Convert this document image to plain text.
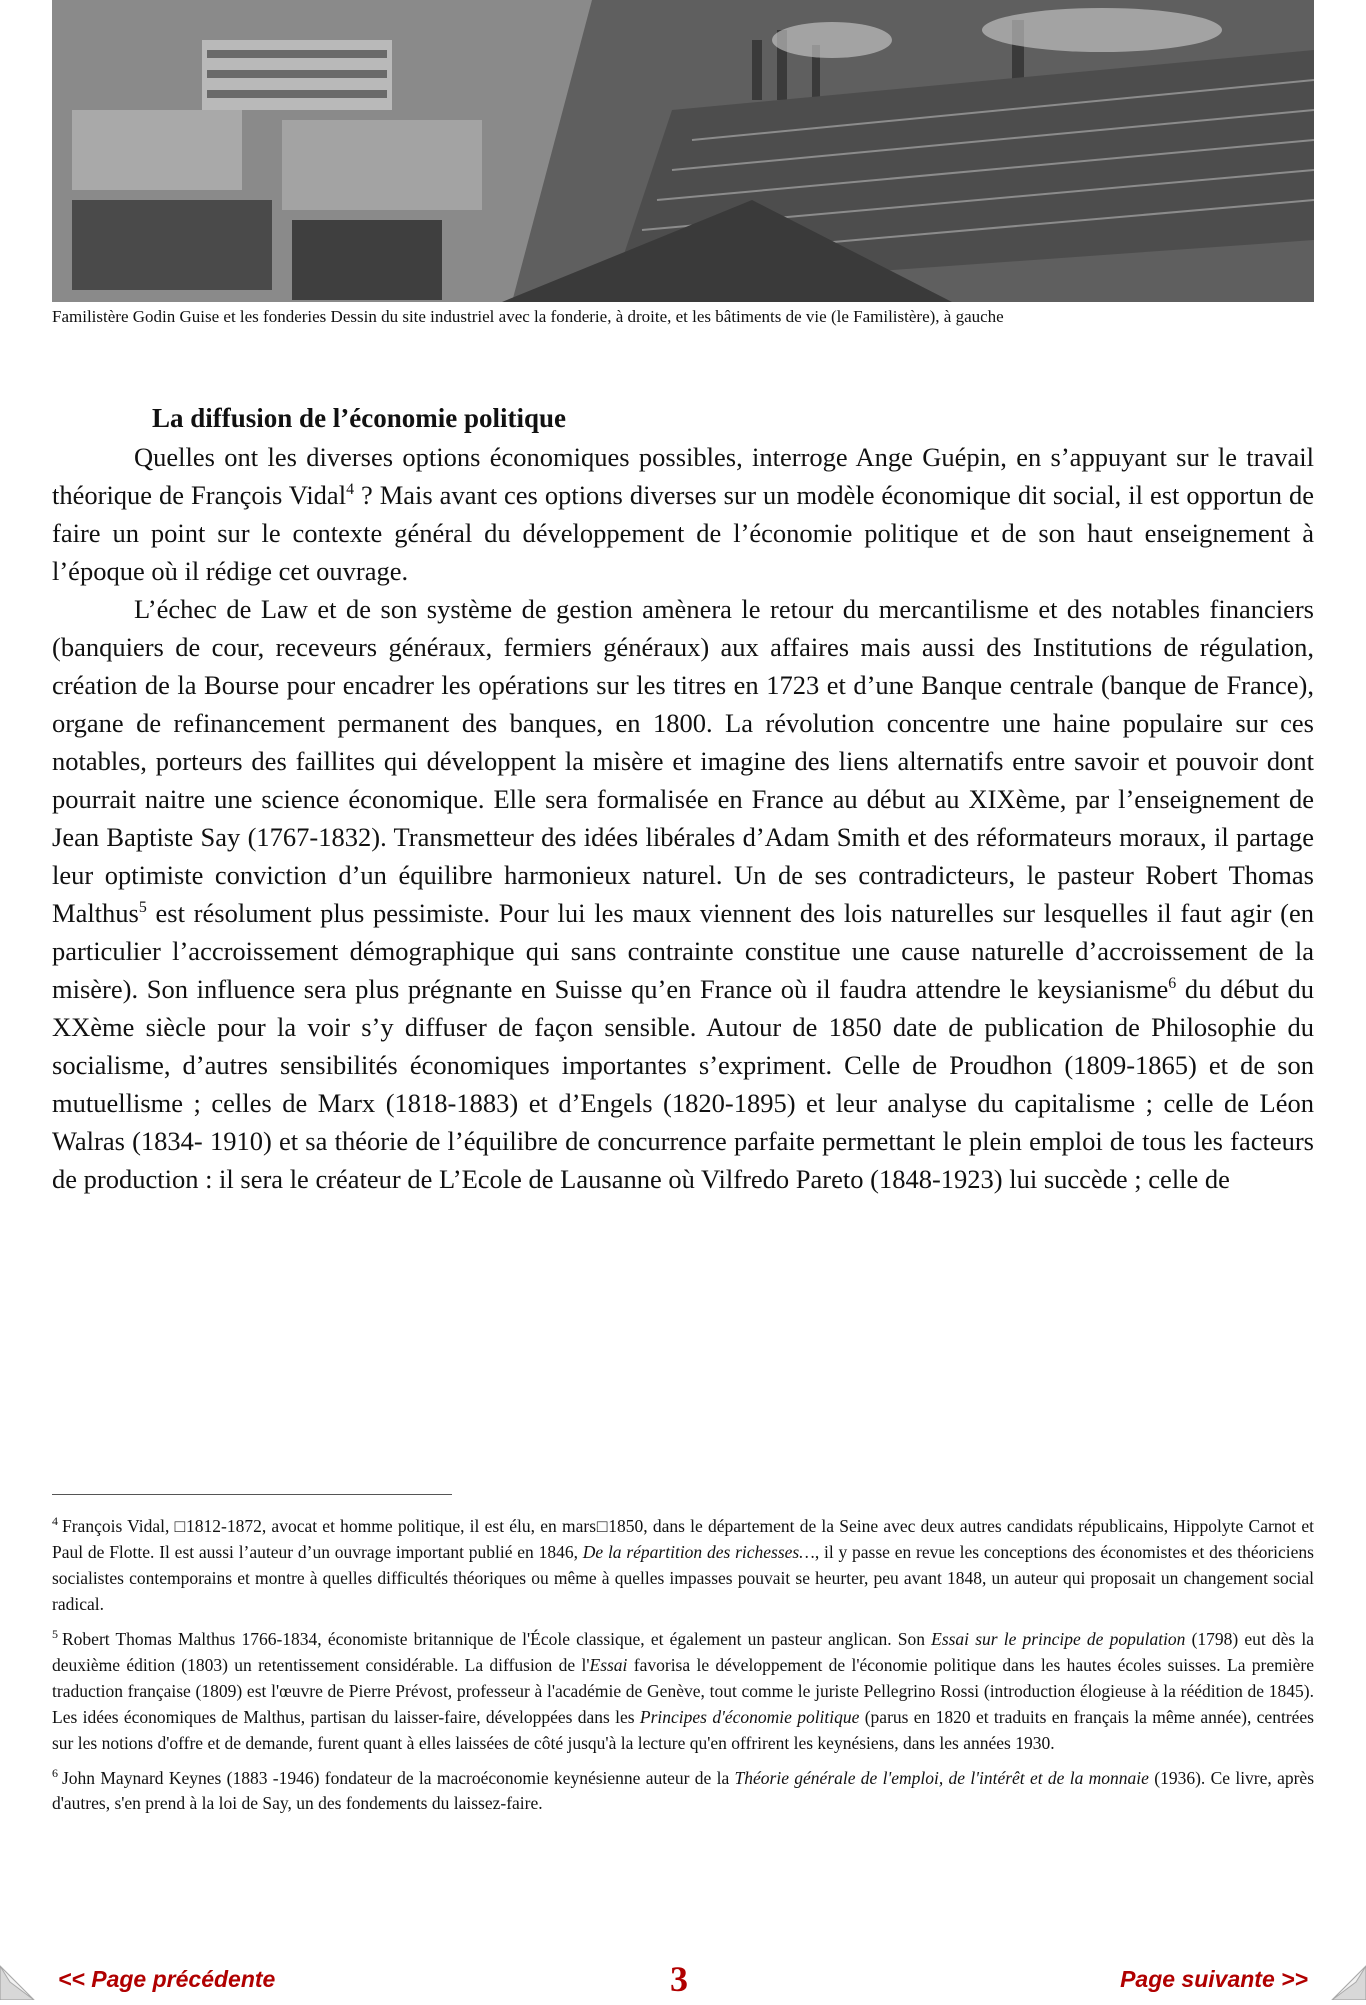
Familistère Godin Guise et les fonderies Dessin du site industriel avec la fonderie, à droite, et les bâtiments de vie (le Familistère), à gauche
La diffusion de l’économie politique

Quelles ont les diverses options économiques possibles, interroge Ange Guépin, en s’appuyant sur le travail théorique de François Vidal$^4$ ? Mais avant ces options diverses sur un modèle économique dit social, il est opportun de faire un point sur le contexte général du développement de l’économie politique et de son haut enseignement à l’époque où il rédige cet ouvrage.

L’échec de Law et de son système de gestion amènera le retour du mercantilisme et des notables financiers (banquiers de cour, receveurs généraux, fermiers généraux) aux affaires mais aussi des Institutions de régulation, création de la Bourse pour encadrer les opérations sur les titres en 1723 et d’une Banque centrale (banque de France), organe de refinancement permanent des banques, en 1800. La révolution concentre une haine populaire sur ces notables, porteurs des faillites qui développent la misère et imagine des liens alternatifs entre savoir et pouvoir dont pourrait naitre une science économique. Elle sera formalisée en France au début au XIXème, par l’enseignement de Jean Baptiste Say (1767-1832). Transmetteur des idées libérales d’Adam Smith et des réformateurs moraux, il partage leur optimiste conviction d’un équilibre harmonieux naturel. Un de ses contradicteurs, le pasteur Robert Thomas Malthus$^5$ est résolument plus pessimiste. Pour lui les maux viennent des lois naturelles sur lesquelles il faut agir (en particulier l’accroissement démographique qui sans contrainte constitue une cause naturelle d’accroissement de la misère). Son influence sera plus prégnante en Suisse qu’en France où il faudra attendre le keysianisme$^6$ du début du XXème siècle pour la voir s’y diffuser de façon sensible. Autour de 1850 date de publication de Philosophie du socialisme, d’autres sensibilités économiques importantes s’expriment. Celle de Proudhon (1809-1865) et de son mutuellisme ; celles de Marx (1818-1883) et d’Engels (1820-1895) et leur analyse du capitalisme ; celle de Léon Walras (1834- 1910) et sa théorie de l’équilibre de concurrence parfaite permettant le plein emploi de tous les facteurs de production : il sera le créateur de L’Ecole de Lausanne où Vilfredo Pareto (1848-1923) lui succède ; celle de

$^4$ François Vidal, □1812-1872, avocat et homme politique, il est élu, en mars□1850, dans le département de la Seine avec deux autres candidats républicains, Hippolyte Carnot et Paul de Flotte. Il est aussi l’auteur d’un ouvrage important publié en 1846, De la répartition des richesses…, il y passe en revue les conceptions des économistes et des théoriciens socialistes contemporains et montre à quelles difficultés théoriques ou même à quelles impasses pouvait se heurter, peu avant 1848, un auteur qui proposait un changement social radical.

$^5$ Robert Thomas Malthus 1766-1834, économiste britannique de l'École classique, et également un pasteur anglican. Son Essai sur le principe de population (1798) eut dès la deuxième édition (1803) un retentissement considérable. La diffusion de l'Essai favorisa le développement de l'économie politique dans les hautes écoles suisses. La première traduction française (1809) est l'œuvre de Pierre Prévost, professeur à l'académie de Genève, tout comme le juriste Pellegrino Rossi (introduction élogieuse à la réédition de 1845). Les idées économiques de Malthus, partisan du laisser-faire, développées dans les Principes d'économie politique (parus en 1820 et traduits en français la même année), centrées sur les notions d'offre et de demande, furent quant à elles laissées de côté jusqu'à la lecture qu'en offrirent les keynésiens, dans les années 1930.

$^6$ John Maynard Keynes (1883 -1946) fondateur de la macroéconomie keynésienne auteur de la Théorie générale de l'emploi, de l'intérêt et de la monnaie (1936). Ce livre, après d'autres, s'en prend à la loi de Say, un des fondements du laissez-faire.

<< Page précédente	3	Page suivante >>
